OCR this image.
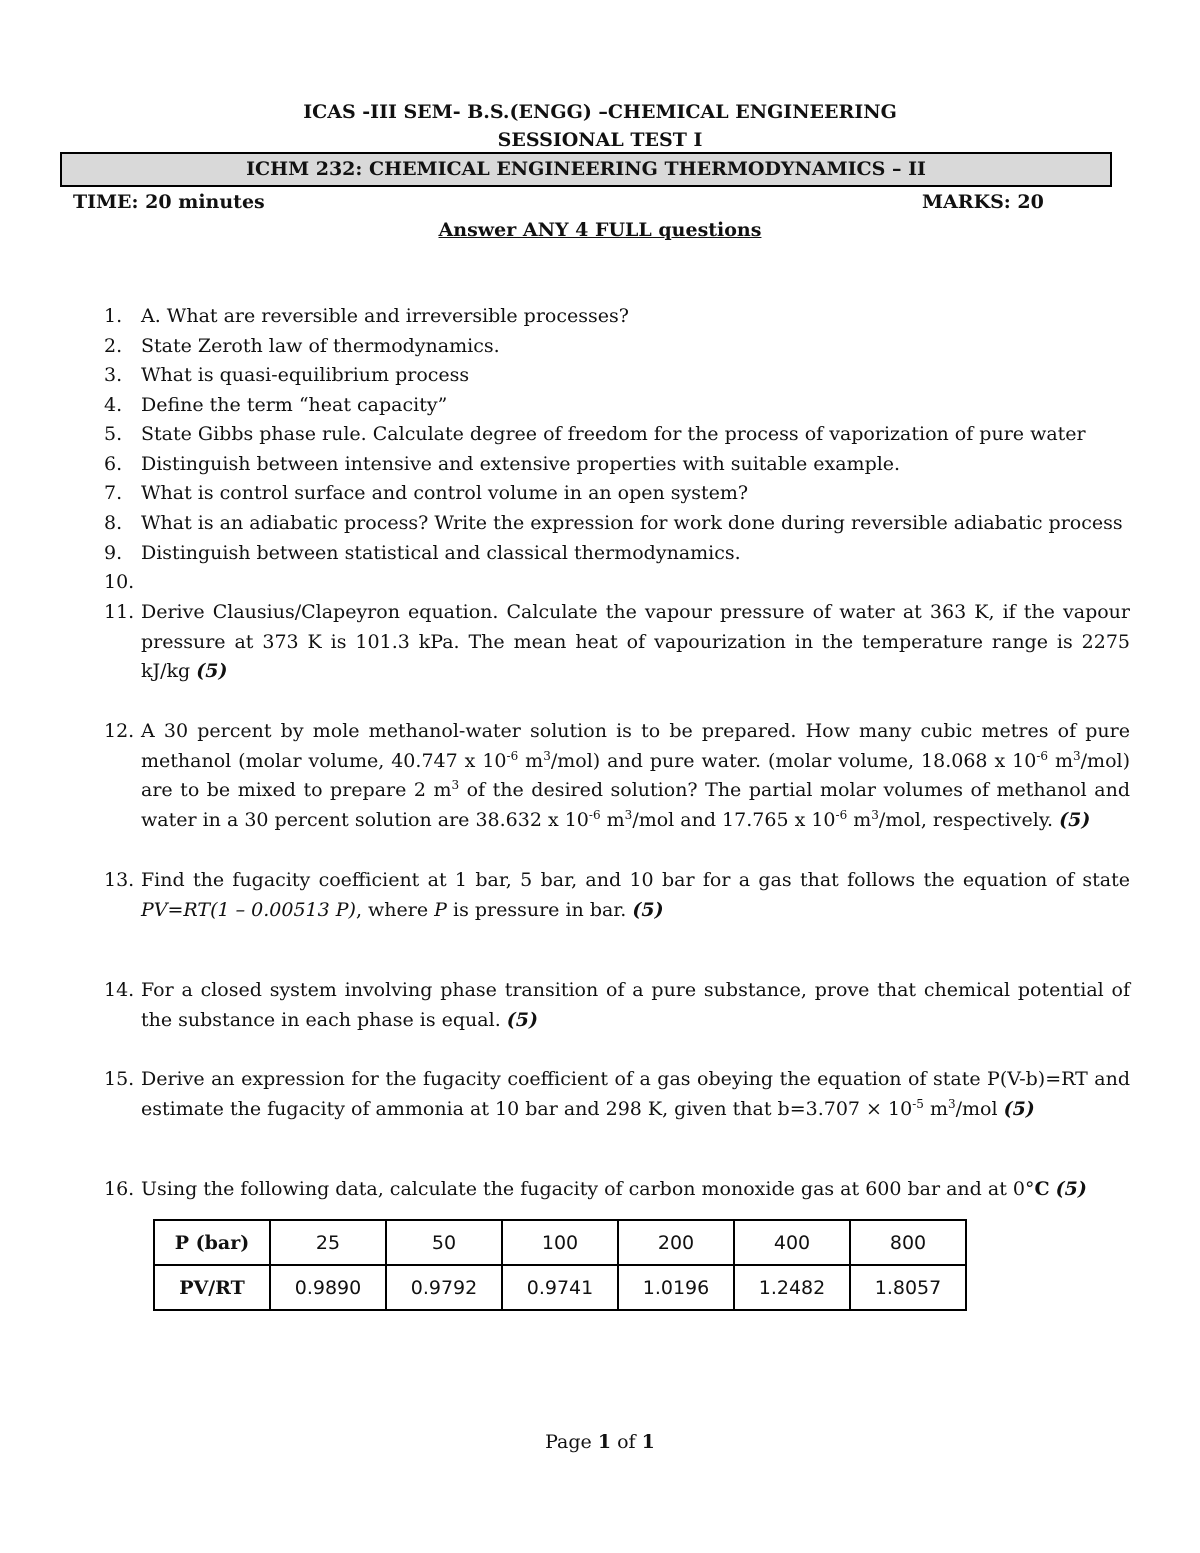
ICAS -III SEM- B.S.(ENGG) –CHEMICAL ENGINEERING
SESSIONAL TEST I
ICHM 232: CHEMICAL ENGINEERING THERMODYNAMICS – II
TIME: 20 minutes	MARKS: 20
Answer ANY 4 FULL questions
1. A. What are reversible and irreversible processes?
2. State Zeroth law of thermodynamics.
3. What is quasi-equilibrium process
4. Define the term “heat capacity”
5. State Gibbs phase rule. Calculate degree of freedom for the process of vaporization of pure water
6. Distinguish between intensive and extensive properties with suitable example.
7. What is control surface and control volume in an open system?
8. What is an adiabatic process? Write the expression for work done during reversible adiabatic process
9. Distinguish between statistical and classical thermodynamics.
10.
11. Derive Clausius/Clapeyron equation. Calculate the vapour pressure of water at 363 K, if the vapour pressure at 373 K is 101.3 kPa. The mean heat of vapourization in the temperature range is 2275 kJ/kg (5)
12. A 30 percent by mole methanol-water solution is to be prepared. How many cubic metres of pure methanol (molar volume, 40.747 x $10^{-6}$ $m^3/mol$) and pure water. (molar volume, 18.068 x $10^{-6}$ $m^3/mol$) are to be mixed to prepare 2 $m^3$ of the desired solution? The partial molar volumes of methanol and water in a 30 percent solution are 38.632 x $10^{-6}$ $m^3$/mol and 17.765 x $10^{-6}$ $m^3$/mol, respectively. (5)
13. Find the fugacity coefficient at 1 bar, 5 bar, and 10 bar for a gas that follows the equation of state PV=RT(1 – 0.00513 P), where P is pressure in bar. (5)
14. For a closed system involving phase transition of a pure substance, prove that chemical potential of the substance in each phase is equal. (5)
15. Derive an expression for the fugacity coefficient of a gas obeying the equation of state P(V-b)=RT and estimate the fugacity of ammonia at 10 bar and 298 K, given that $b=3.707 \times 10^{-5}$ $m^3$/mol (5)
16. Using the following data, calculate the fugacity of carbon monoxide gas at 600 bar and at 0°C (5)
P (bar)	25	50	100	200	400	800
PV/RT	0.9890	0.9792	0.9741	1.0196	1.2482	1.8057
Page 1 of 1
